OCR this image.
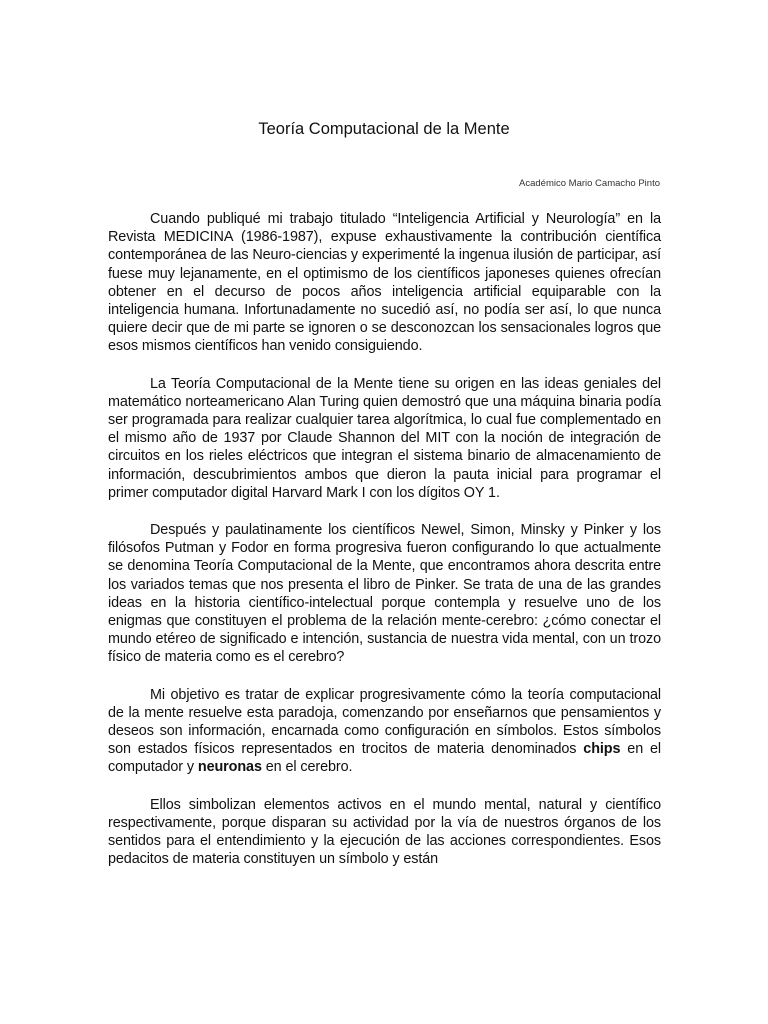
Teoría Computacional de la Mente

Académico Mario Camacho Pinto

Cuando publiqué mi trabajo titulado “Inteligencia Artificial y Neurología” en la Revista MEDICINA (1986-1987), expuse exhaustivamente la contribución científica contemporánea de las Neuro-ciencias y experimenté la ingenua ilusión de participar, así fuese muy lejanamente, en el optimismo de los científicos japoneses quienes ofrecían obtener en el decurso de pocos años inteligencia artificial equiparable con la inteligencia humana. Infortunadamente no sucedió así, no podía ser así, lo que nunca quiere decir que de mi parte se ignoren o se desconozcan los sensacionales logros que esos mismos científicos han venido consiguiendo.

La Teoría Computacional de la Mente tiene su origen en las ideas geniales del matemático norteamericano Alan Turing quien demostró que una máquina binaria podía ser programada para realizar cualquier tarea algorítmica, lo cual fue complementado en el mismo año de 1937 por Claude Shannon del MIT con la noción de integración de circuitos en los rieles eléctricos que integran el sistema binario de almacenamiento de información, descubrimientos ambos que dieron la pauta inicial para programar el primer computador digital Harvard Mark I con los dígitos OY 1.

Después y paulatinamente los científicos Newel, Simon, Minsky y Pinker y los filósofos Putman y Fodor en forma progresiva fueron configurando lo que actualmente se denomina Teoría Computacional de la Mente, que encontramos ahora descrita entre los variados temas que nos presenta el libro de Pinker. Se trata de una de las grandes ideas en la historia científico-intelectual porque contempla y resuelve uno de los enigmas que constituyen el problema de la relación mente-cerebro: ¿cómo conectar el mundo etéreo de significado e intención, sustancia de nuestra vida mental, con un trozo físico de materia como es el cerebro?

Mi objetivo es tratar de explicar progresivamente cómo la teoría computacional de la mente resuelve esta paradoja, comenzando por enseñarnos que pensamientos y deseos son información, encarnada como configuración en símbolos. Estos símbolos son estados físicos representados en trocitos de materia denominados chips en el computador y neuronas en el cerebro.

Ellos simbolizan elementos activos en el mundo mental, natural y científico respectivamente, porque disparan su actividad por la vía de nuestros órganos de los sentidos para el entendimiento y la ejecución de las acciones correspondientes. Esos pedacitos de materia constituyen un símbolo y están
